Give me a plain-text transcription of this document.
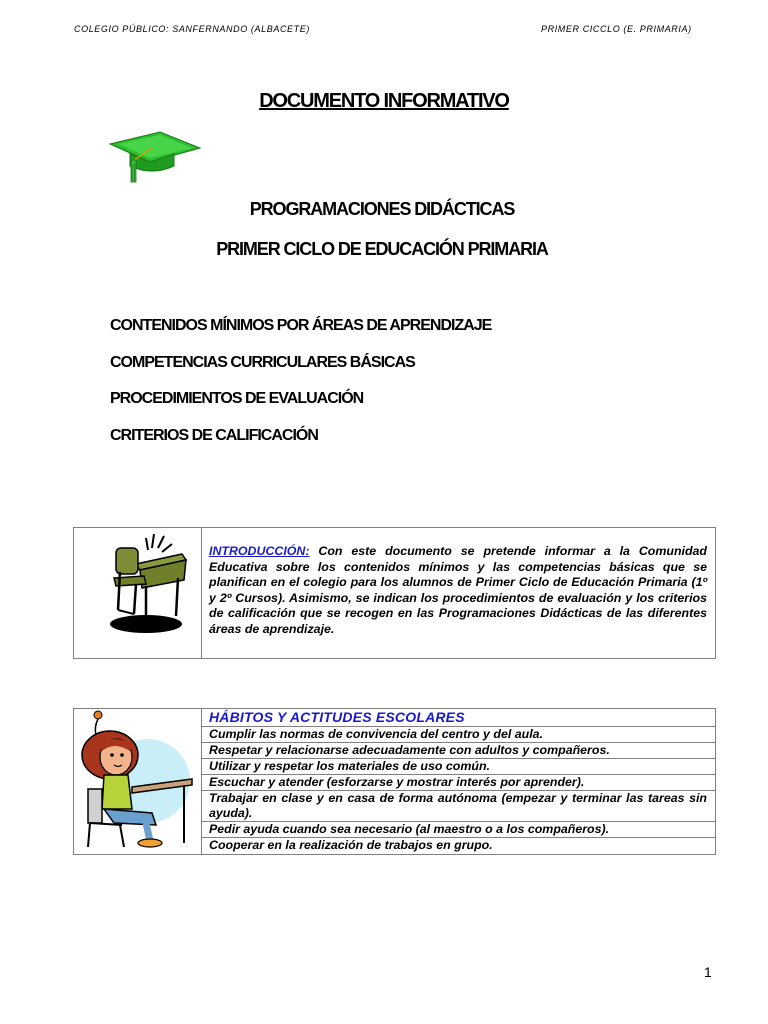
COLEGIO PÚBLICO: SANFERNANDO (ALBACETE)	PRIMER CICCLO (E. PRIMARIA)
DOCUMENTO INFORMATIVO
PROGRAMACIONES DIDÁCTICAS
PRIMER CICLO DE EDUCACIÓN PRIMARIA
CONTENIDOS MÍNIMOS POR ÁREAS DE APRENDIZAJE
COMPETENCIAS CURRICULARES BÁSICAS
PROCEDIMIENTOS DE EVALUACIÓN
CRITERIOS DE CALIFICACIÓN
INTRODUCCIÓN: Con este documento se pretende informar a la Comunidad Educativa sobre los contenidos mínimos y las competencias básicas que se planifican en el colegio para los alumnos de Primer Ciclo de Educación Primaria (1º y 2º Cursos). Asimismo, se indican los procedimientos de evaluación y los criterios de calificación que se recogen en las Programaciones Didácticas de las diferentes áreas de aprendizaje.
HÁBITOS Y ACTITUDES ESCOLARES
Cumplir las normas de convivencia del centro y del aula.
Respetar y relacionarse adecuadamente con adultos y compañeros.
Utilizar y respetar los materiales de uso común.
Escuchar y atender (esforzarse y mostrar interés por aprender).
Trabajar en clase y en casa de forma autónoma (empezar y terminar las tareas sin ayuda).
Pedir ayuda cuando sea necesario (al maestro o a los compañeros).
Cooperar en la realización de trabajos en grupo.
1
